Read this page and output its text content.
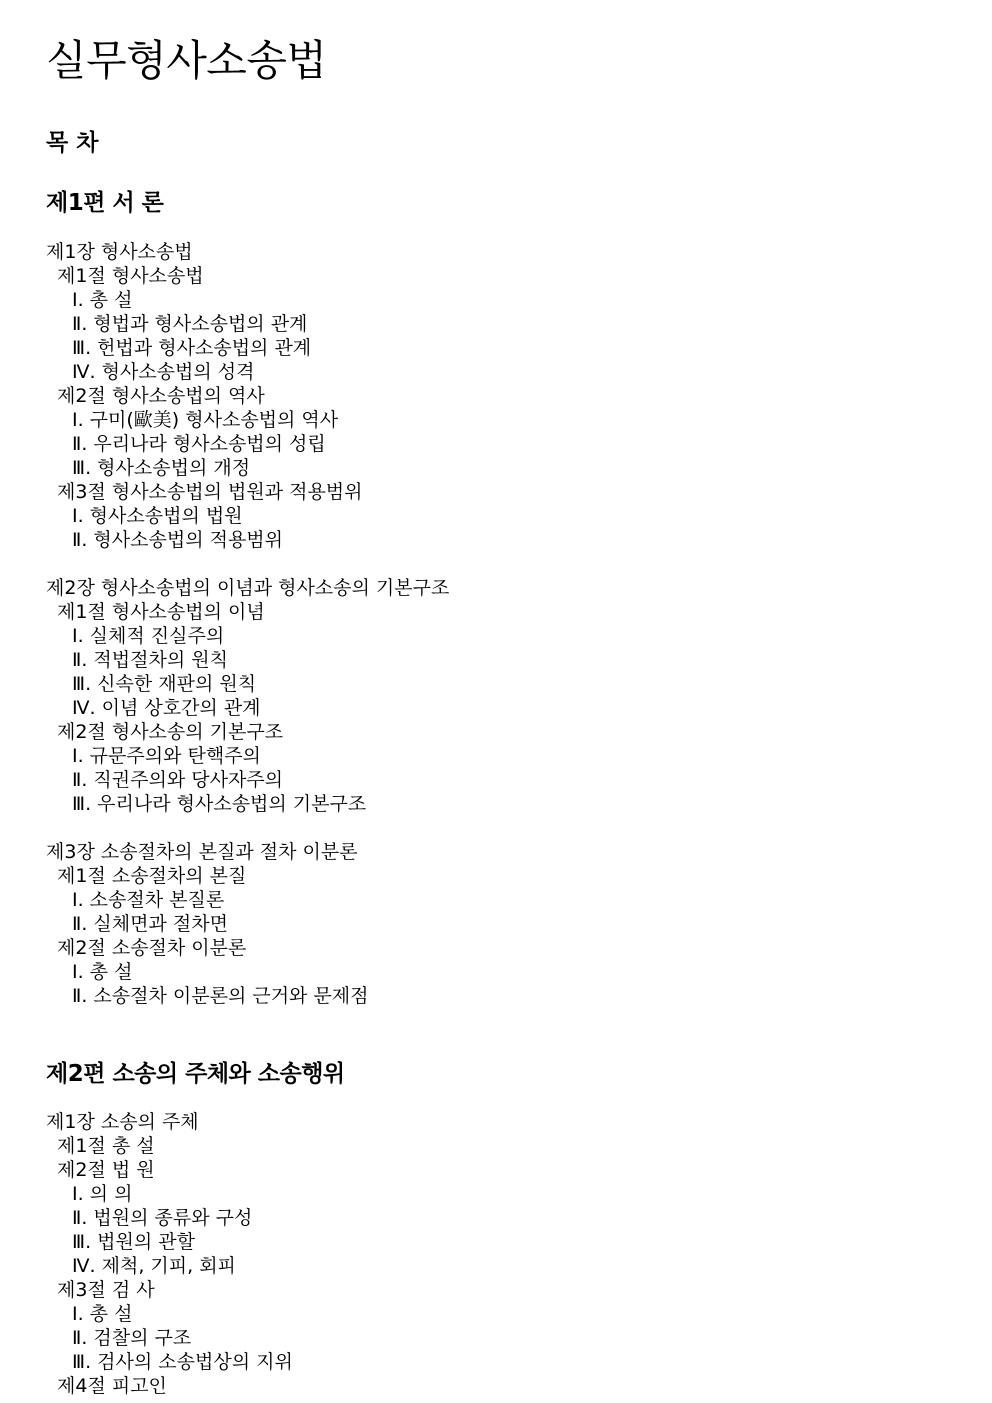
실무형사소송법
목 차
제1편 서 론
제1장 형사소송법
제1절 형사소송법
Ⅰ. 총 설
Ⅱ. 형법과 형사소송법의 관계
Ⅲ. 헌법과 형사소송법의 관계
Ⅳ. 형사소송법의 성격
제2절 형사소송법의 역사
Ⅰ. 구미(歐美) 형사소송법의 역사
Ⅱ. 우리나라 형사소송법의 성립
Ⅲ. 형사소송법의 개정
제3절 형사소송법의 법원과 적용범위
Ⅰ. 형사소송법의 법원
Ⅱ. 형사소송법의 적용범위
제2장 형사소송법의 이념과 형사소송의 기본구조
제1절 형사소송법의 이념
Ⅰ. 실체적 진실주의
Ⅱ. 적법절차의 원칙
Ⅲ. 신속한 재판의 원칙
Ⅳ. 이념 상호간의 관계
제2절 형사소송의 기본구조
Ⅰ. 규문주의와 탄핵주의
Ⅱ. 직권주의와 당사자주의
Ⅲ. 우리나라 형사소송법의 기본구조
제3장 소송절차의 본질과 절차 이분론
제1절 소송절차의 본질
Ⅰ. 소송절차 본질론
Ⅱ. 실체면과 절차면
제2절 소송절차 이분론
Ⅰ. 총 설
Ⅱ. 소송절차 이분론의 근거와 문제점
제2편 소송의 주체와 소송행위
제1장 소송의 주체
제1절 총 설
제2절 법 원
Ⅰ. 의 의
Ⅱ. 법원의 종류와 구성
Ⅲ. 법원의 관할
Ⅳ. 제척, 기피, 회피
제3절 검 사
Ⅰ. 총 설
Ⅱ. 검찰의 구조
Ⅲ. 검사의 소송법상의 지위
제4절 피고인
